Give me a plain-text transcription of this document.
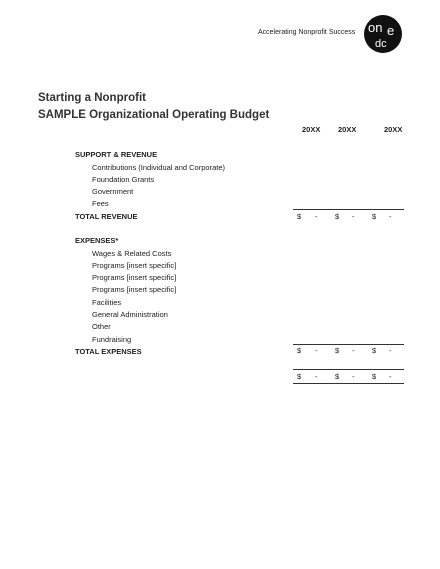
Accelerating Nonprofit Success on e
dc
Starting a Nonprofit
SAMPLE Organizational Operating Budget
20XX 20XX	20XX
SUPPORT & REVENUE
Contributions (Individual and Corporate)
Foundation Grants
Government
Fees
TOTAL REVENUE	$ - $ - $ -
EXPENSES*
Wages & Related Costs
Programs [insert specific]
Programs [insert specific]
Programs [insert specific]
Facilities
General Administration
Other
Fundraising
TOTAL EXPENSES	$ - $ - $ -
$ - $ - $ -
